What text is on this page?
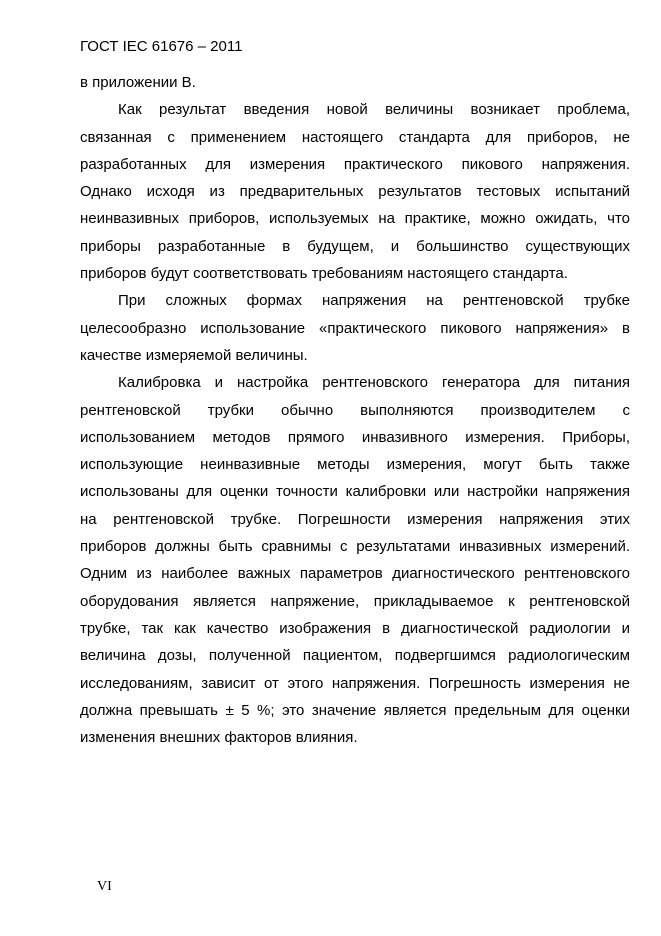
ГОСТ IEC 61676 – 2011
в приложении В.
Как результат введения новой величины возникает проблема,
связанная с применением настоящего стандарта для приборов, не
разработанных для измерения практического пикового напряжения.
Однако исходя из предварительных результатов тестовых испытаний
неинвазивных приборов, используемых на практике, можно ожидать, что
приборы разработанные в будущем, и большинство существующих
приборов будут соответствовать требованиям настоящего стандарта.
При сложных формах напряжения на рентгеновской трубке
целесообразно использование «практического пикового напряжения» в
качестве измеряемой величины.
Калибровка и настройка рентгеновского генератора для питания
рентгеновской трубки обычно выполняются производителем с
использованием методов прямого инвазивного измерения. Приборы,
использующие неинвазивные методы измерения, могут быть также
использованы для оценки точности калибровки или настройки напряжения
на рентгеновской трубке. Погрешности измерения напряжения этих
приборов должны быть сравнимы с результатами инвазивных измерений.
Одним из наиболее важных параметров диагностического рентгеновского
оборудования является напряжение, прикладываемое к рентгеновской
трубке, так как качество изображения в диагностической радиологии и
величина дозы, полученной пациентом, подвергшимся радиологическим
исследованиям, зависит от этого напряжения. Погрешность измерения не
должна превышать ± 5 %; это значение является предельным для оценки
изменения внешних факторов влияния.
VI
